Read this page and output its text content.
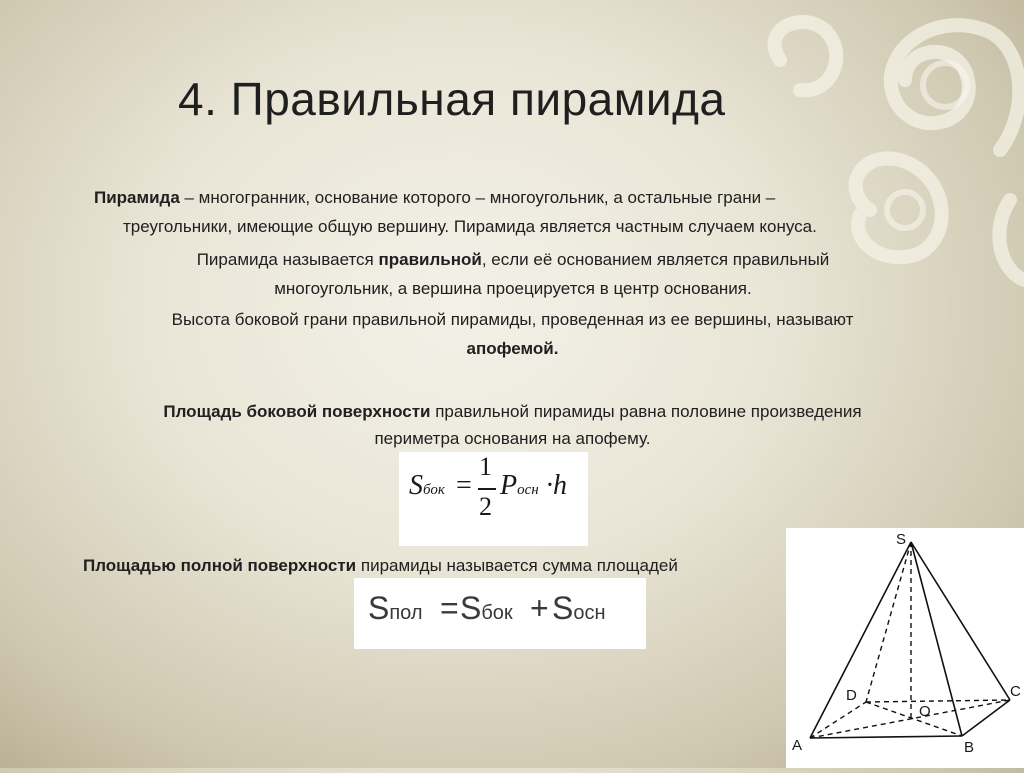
4. Правильная пирамида

Пирамида – многогранник, основание которого – многоугольник, а остальные грани –

треугольники, имеющие общую вершину. Пирамида является частным случаем конуса.

Пирамида называется правильной, если её основанием является правильный

многоугольник, а вершина проецируется в центр основания.

Высота боковой грани правильной пирамиды, проведенная из ее вершины, называют

апофемой.

Площадь боковой поверхности правильной пирамиды равна половине произведения

периметра основания на апофему.

Sбок =
1
2
Pосн ·h

Площадью полной поверхности пирамиды называется сумма площадей

Sпол = Sбок + Sосн
S
D	C
O
A	B
